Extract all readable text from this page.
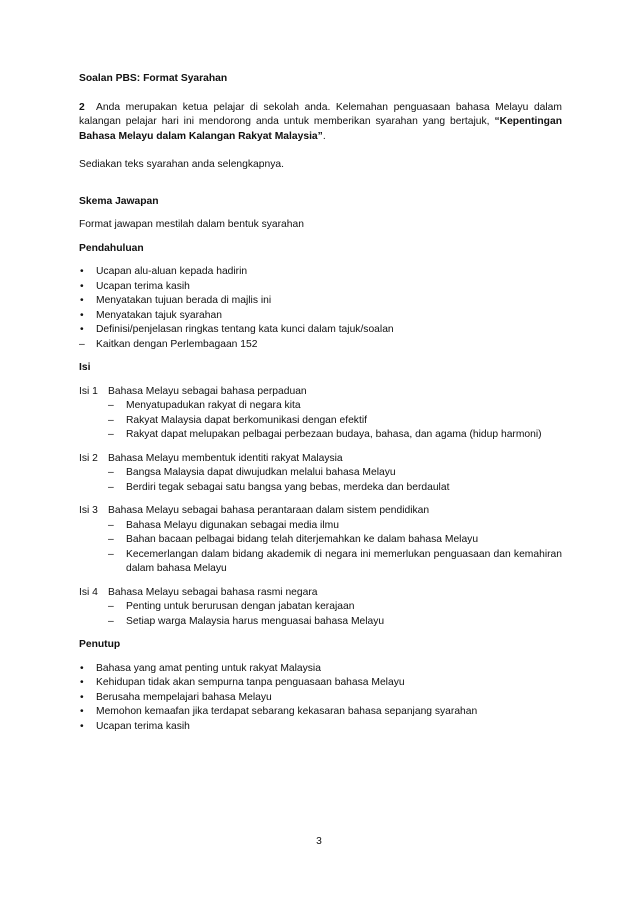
Soalan PBS: Format Syarahan
2 Anda merupakan ketua pelajar di sekolah anda. Kelemahan penguasaan bahasa Melayu dalam kalangan pelajar hari ini mendorong anda untuk memberikan syarahan yang bertajuk, “Kepentingan Bahasa Melayu dalam Kalangan Rakyat Malaysia”.
Sediakan teks syarahan anda selengkapnya.
Skema Jawapan
Format jawapan mestilah dalam bentuk syarahan
Pendahuluan
• Ucapan alu-aluan kepada hadirin
• Ucapan terima kasih
• Menyatakan tujuan berada di majlis ini
• Menyatakan tajuk syarahan
• Definisi/penjelasan ringkas tentang kata kunci dalam tajuk/soalan
– Kaitkan dengan Perlembagaan 152
Isi
Isi 1 Bahasa Melayu sebagai bahasa perpaduan
– Menyatupadukan rakyat di negara kita
– Rakyat Malaysia dapat berkomunikasi dengan efektif
– Rakyat dapat melupakan pelbagai perbezaan budaya, bahasa, dan agama (hidup harmoni)
Isi 2 Bahasa Melayu membentuk identiti rakyat Malaysia
– Bangsa Malaysia dapat diwujudkan melalui bahasa Melayu
– Berdiri tegak sebagai satu bangsa yang bebas, merdeka dan berdaulat
Isi 3 Bahasa Melayu sebagai bahasa perantaraan dalam sistem pendidikan
– Bahasa Melayu digunakan sebagai media ilmu
– Bahan bacaan pelbagai bidang telah diterjemahkan ke dalam bahasa Melayu
– Kecemerlangan dalam bidang akademik di negara ini memerlukan penguasaan dan kemahiran dalam bahasa Melayu
Isi 4 Bahasa Melayu sebagai bahasa rasmi negara
– Penting untuk berurusan dengan jabatan kerajaan
– Setiap warga Malaysia harus menguasai bahasa Melayu
Penutup
• Bahasa yang amat penting untuk rakyat Malaysia
• Kehidupan tidak akan sempurna tanpa penguasaan bahasa Melayu
• Berusaha mempelajari bahasa Melayu
• Memohon kemaafan jika terdapat sebarang kekasaran bahasa sepanjang syarahan
• Ucapan terima kasih
3
